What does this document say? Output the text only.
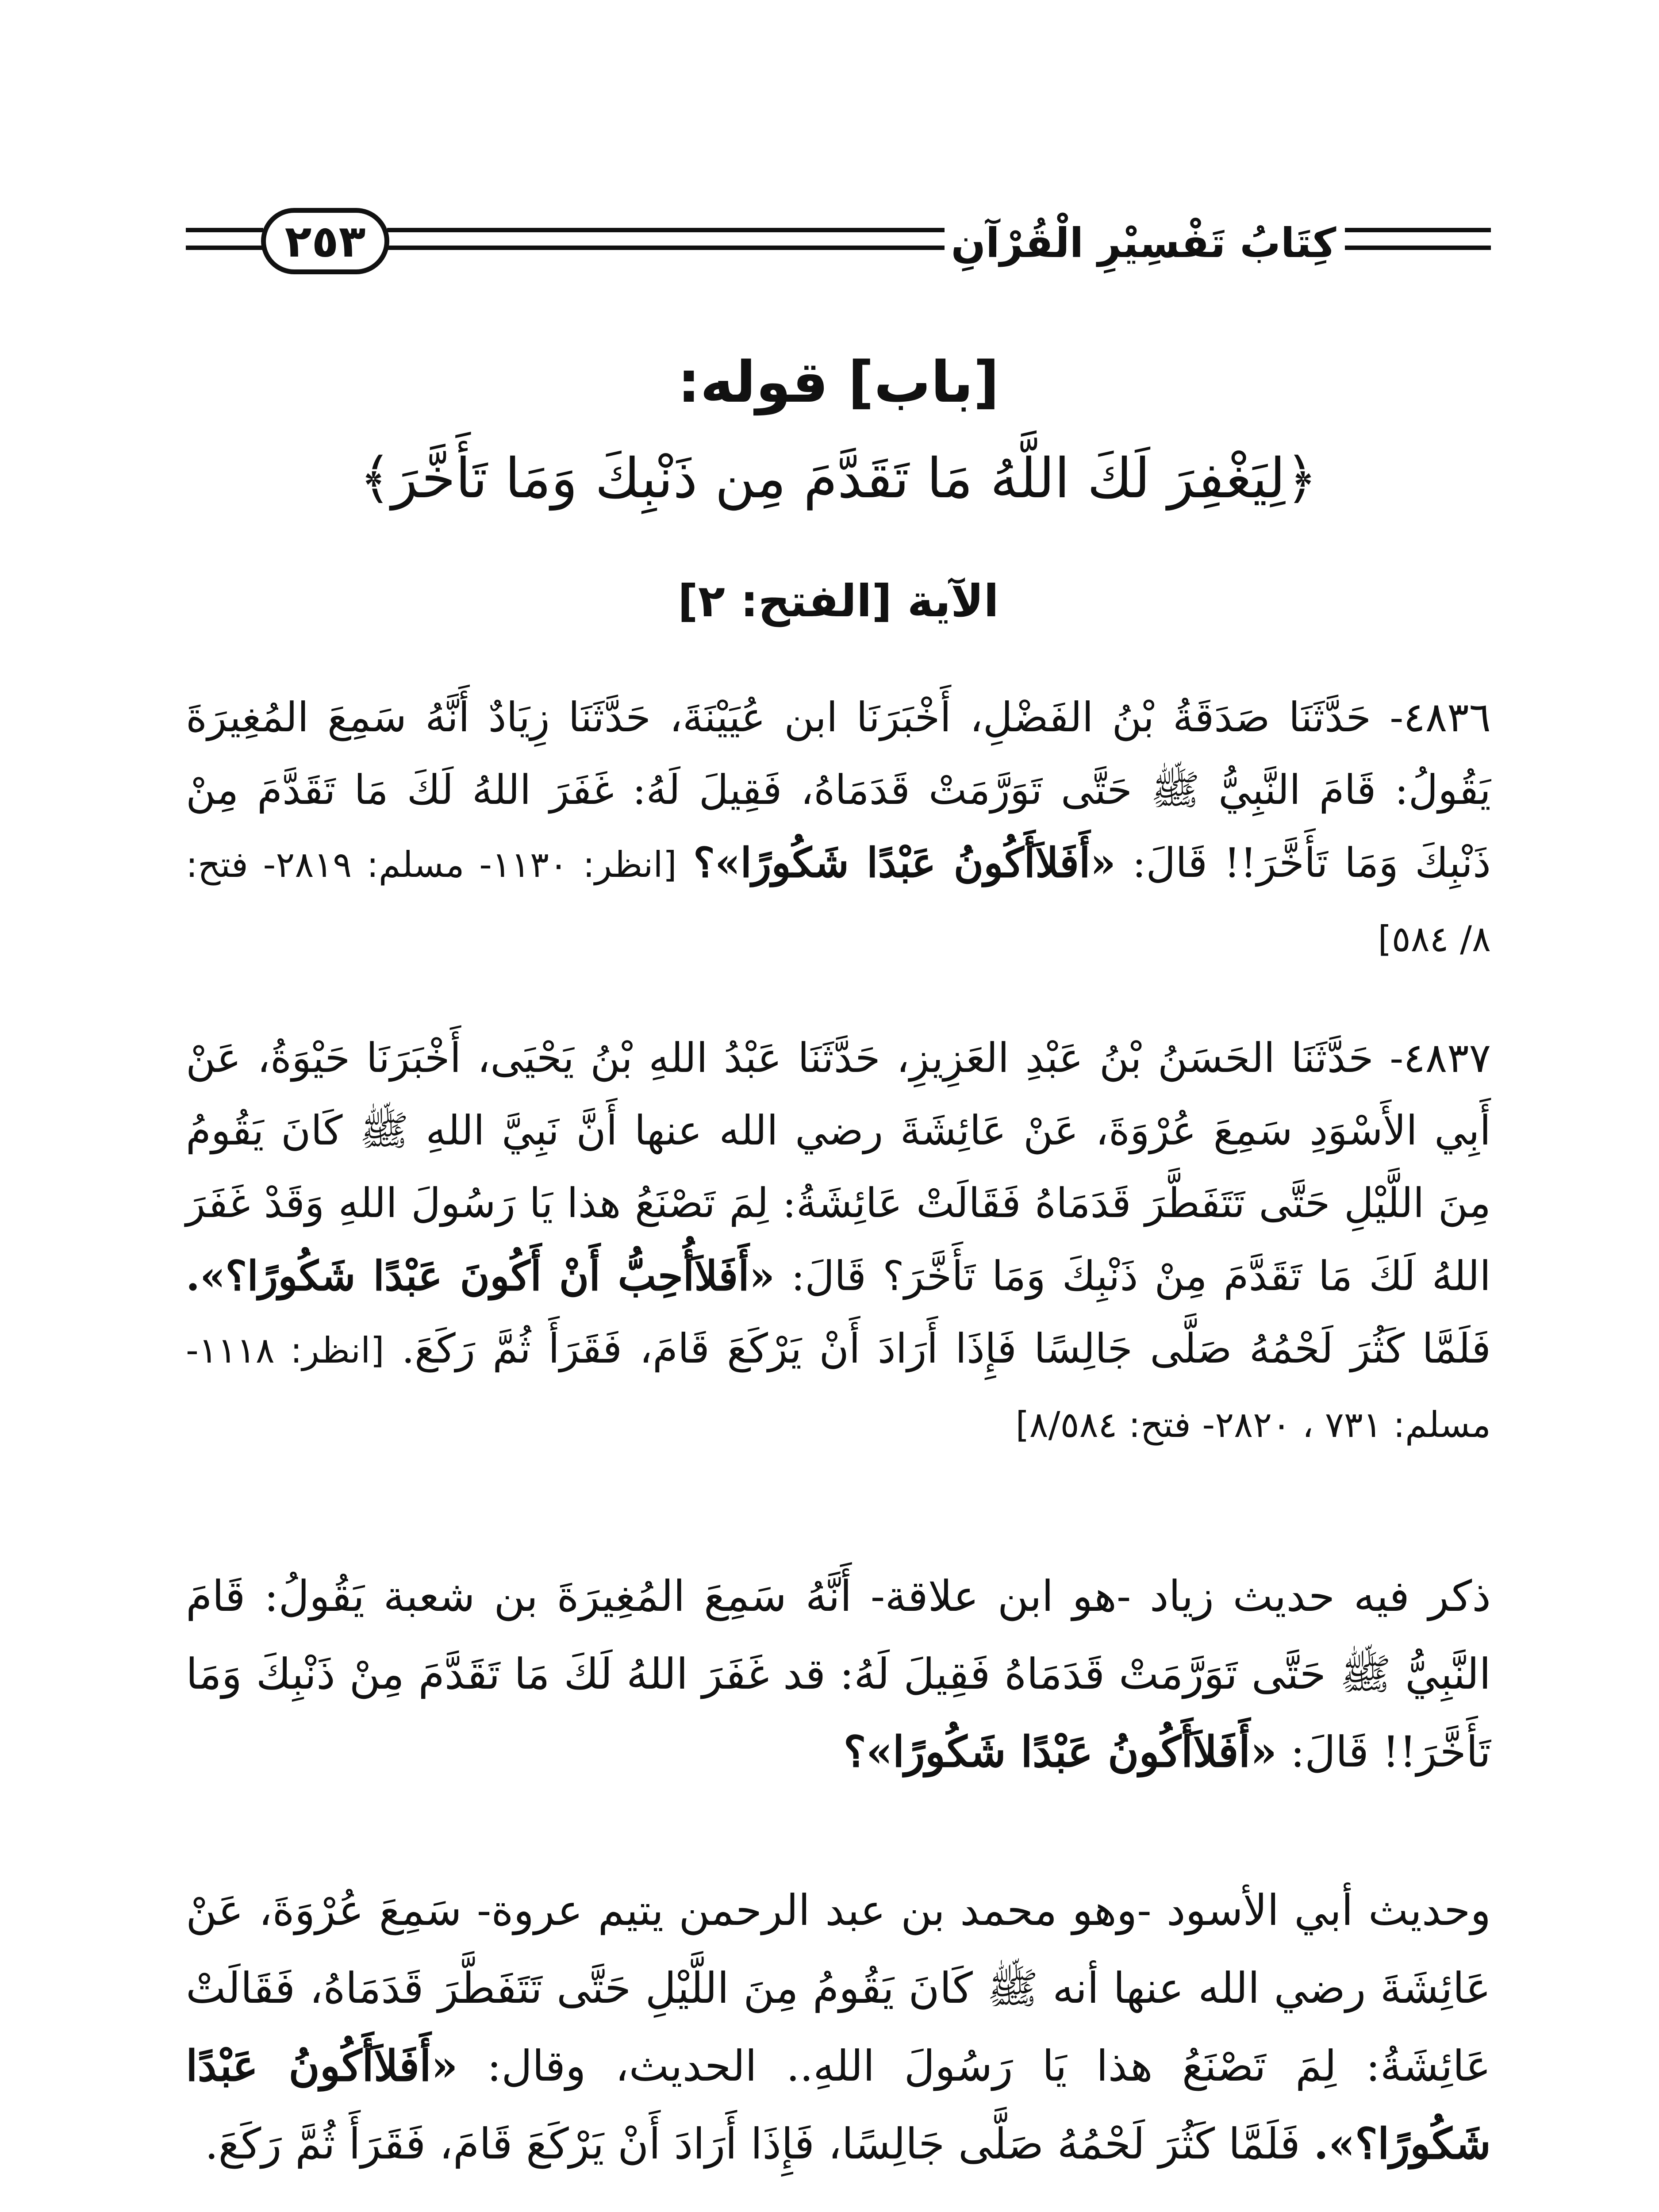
٢٥٣	كِتَابُ تَفْسِيْرِ الْقُرْآنِ
[باب] قوله:
﴿لِيَغْفِرَ لَكَ اللَّهُ مَا تَقَدَّمَ مِن ذَنْبِكَ وَمَا تَأَخَّرَ﴾
الآية [الفتح: ٢]
٤٨٣٦- حَدَّثَنَا صَدَقَةُ بْنُ الفَضْلِ، أَخْبَرَنَا ابن عُيَيْنَةَ، حَدَّثَنَا زِيَادٌ أَنَّهُ سَمِعَ المُغِيرَةَ يَقُولُ: قَامَ النَّبِيُّ ﷺ حَتَّى تَوَرَّمَتْ قَدَمَاهُ، فَقِيلَ لَهُ: غَفَرَ اللهُ لَكَ مَا تَقَدَّمَ مِنْ ذَنْبِكَ وَمَا تَأَخَّرَ!! قَالَ: «أَفَلاَأَكُونُ عَبْدًا شَكُورًا»؟ [انظر: ١١٣٠- مسلم: ٢٨١٩- فتح: ٨/ ٥٨٤]
٤٨٣٧- حَدَّثَنَا الحَسَنُ بْنُ عَبْدِ العَزِيزِ، حَدَّثَنَا عَبْدُ اللهِ بْنُ يَحْيَى، أَخْبَرَنَا حَيْوَةُ، عَنْ أَبِي الأَسْوَدِ سَمِعَ عُرْوَةَ، عَنْ عَائِشَةَ رضي الله عنها أَنَّ نَبِيَّ اللهِ ﷺ كَانَ يَقُومُ مِنَ اللَّيْلِ حَتَّى تَتَفَطَّرَ قَدَمَاهُ فَقَالَتْ عَائِشَةُ: لِمَ تَصْنَعُ هذا يَا رَسُولَ اللهِ وَقَدْ غَفَرَ اللهُ لَكَ مَا تَقَدَّمَ مِنْ ذَنْبِكَ وَمَا تَأَخَّرَ؟ قَالَ: «أَفَلاَأُحِبُّ أَنْ أَكُونَ عَبْدًا شَكُورًا؟». فَلَمَّا كَثُرَ لَحْمُهُ صَلَّى جَالِسًا فَإِذَا أَرَادَ أَنْ يَرْكَعَ قَامَ، فَقَرَأَ ثُمَّ رَكَعَ. [انظر: ١١١٨- مسلم: ٧٣١ ، ٢٨٢٠- فتح: ٨/٥٨٤]
ذكر فيه حديث زياد -هو ابن علاقة- أَنَّهُ سَمِعَ المُغِيرَةَ بن شعبة يَقُولُ: قَامَ النَّبِيُّ ﷺ حَتَّى تَوَرَّمَتْ قَدَمَاهُ فَقِيلَ لَهُ: قد غَفَرَ اللهُ لَكَ مَا تَقَدَّمَ مِنْ ذَنْبِكَ وَمَا تَأَخَّرَ!! قَالَ: «أَفَلاَأَكُونُ عَبْدًا شَكُورًا»؟
وحديث أبي الأسود -وهو محمد بن عبد الرحمن يتيم عروة- سَمِعَ عُرْوَةَ، عَنْ عَائِشَةَ رضي الله عنها أنه ﷺ كَانَ يَقُومُ مِنَ اللَّيْلِ حَتَّى تَتَفَطَّرَ قَدَمَاهُ، فَقَالَتْ عَائِشَةُ: لِمَ تَصْنَعُ هذا يَا رَسُولَ اللهِ.. الحديث، وقال: «أَفَلاَأَكُونُ عَبْدًا شَكُورًا؟». فَلَمَّا كَثُرَ لَحْمُهُ صَلَّى جَالِسًا، فَإِذَا أَرَادَ أَنْ يَرْكَعَ قَامَ، فَقَرَأَ ثُمَّ رَكَعَ.
